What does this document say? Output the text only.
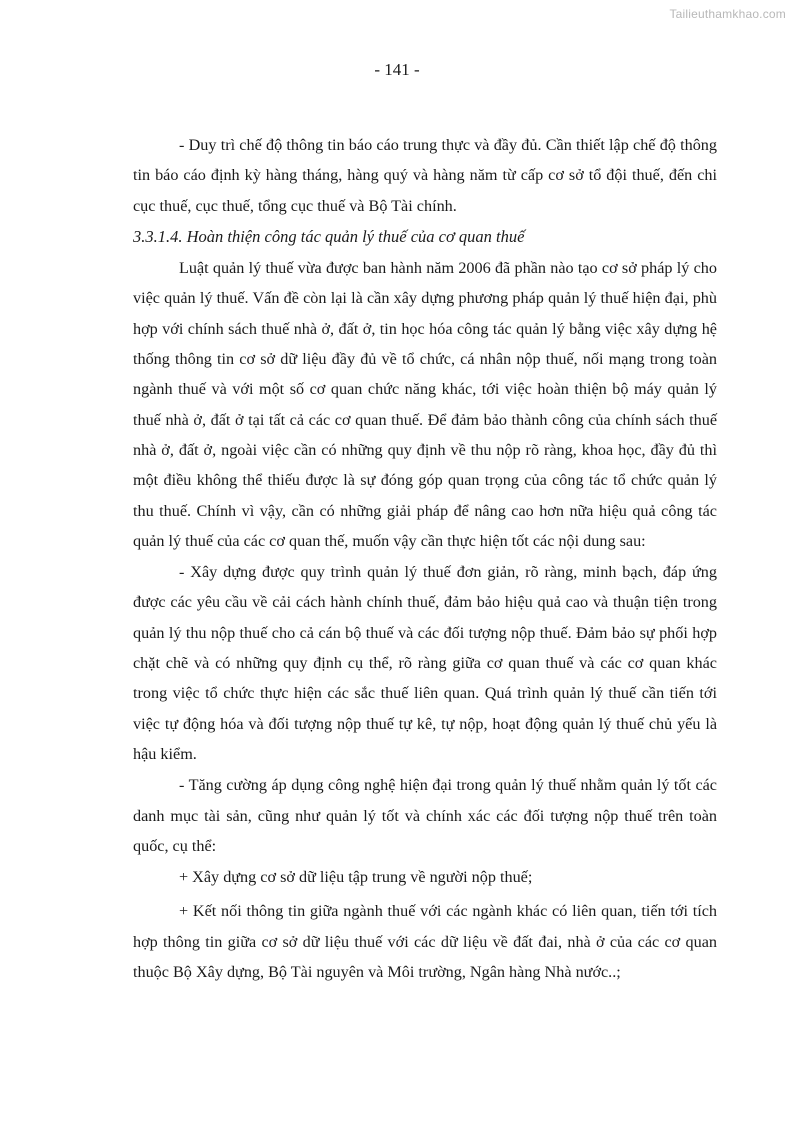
Tailieuthamkhao.com
- 141 -

- Duy trì chế độ thông tin báo cáo trung thực và đầy đủ. Cần thiết lập chế độ thông tin báo cáo định kỳ hàng tháng, hàng quý và hàng năm từ cấp cơ sở tổ đội thuế, đến chi cục thuế, cục thuế, tổng cục thuế và Bộ Tài chính.

3.3.1.4. Hoàn thiện công tác quản lý thuế của cơ quan thuế

Luật quản lý thuế vừa được ban hành năm 2006 đã phần nào tạo cơ sở pháp lý cho việc quản lý thuế. Vấn đề còn lại là cần xây dựng phương pháp quản lý thuế hiện đại, phù hợp với chính sách thuế nhà ở, đất ở, tin học hóa công tác quản lý bằng việc xây dựng hệ thống thông tin cơ sở dữ liệu đầy đủ về tổ chức, cá nhân nộp thuế, nối mạng trong toàn ngành thuế và với một số cơ quan chức năng khác, tới việc hoàn thiện bộ máy quản lý thuế nhà ở, đất ở tại tất cả các cơ quan thuế. Để đảm bảo thành công của chính sách thuế nhà ở, đất ở, ngoài việc cần có những quy định về thu nộp rõ ràng, khoa học, đầy đủ thì một điều không thể thiếu được là sự đóng góp quan trọng của công tác tổ chức quản lý thu thuế. Chính vì vậy, cần có những giải pháp để nâng cao hơn nữa hiệu quả công tác quản lý thuế của các cơ quan thế, muốn vậy cần thực hiện tốt các nội dung sau:

- Xây dựng được quy trình quản lý thuế đơn giản, rõ ràng, minh bạch, đáp ứng được các yêu cầu về cải cách hành chính thuế, đảm bảo hiệu quả cao và thuận tiện trong quản lý thu nộp thuế cho cả cán bộ thuế và các đối tượng nộp thuế. Đảm bảo sự phối hợp chặt chẽ và có những quy định cụ thể, rõ ràng giữa cơ quan thuế và các cơ quan khác trong việc tổ chức thực hiện các sắc thuế liên quan. Quá trình quản lý thuế cần tiến tới việc tự động hóa và đối tượng nộp thuế tự kê, tự nộp, hoạt động quản lý thuế chủ yếu là hậu kiểm.

- Tăng cường áp dụng công nghệ hiện đại trong quản lý thuế nhằm quản lý tốt các danh mục tài sản, cũng như quản lý tốt và chính xác các đối tượng nộp thuế trên toàn quốc, cụ thể:

+ Xây dựng cơ sở dữ liệu tập trung về người nộp thuế;

+ Kết nối thông tin giữa ngành thuế với các ngành khác có liên quan, tiến tới tích hợp thông tin giữa cơ sở dữ liệu thuế với các dữ liệu về đất đai, nhà ở của các cơ quan thuộc Bộ Xây dựng, Bộ Tài nguyên và Môi trường, Ngân hàng Nhà nước..;
